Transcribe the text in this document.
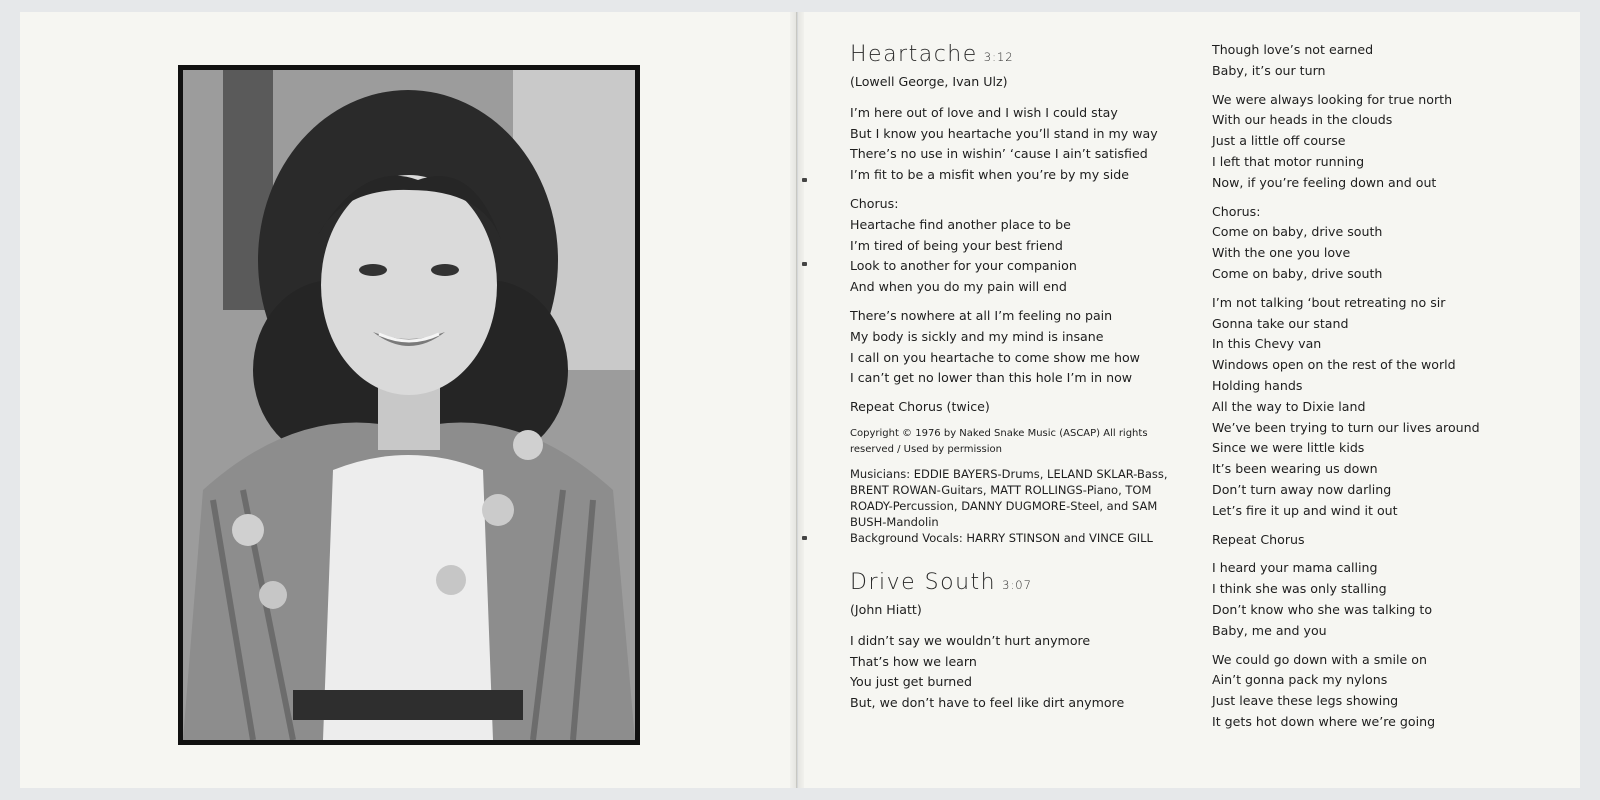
Heartache 3:12
(Lowell George, Ivan Ulz)
I’m here out of love and I wish I could stay
But I know you heartache you’ll stand in my way
There’s no use in wishin’ ‘cause I ain’t satisfied
I’m fit to be a misfit when you’re by my side
Chorus:
Heartache find another place to be
I’m tired of being your best friend
Look to another for your companion
And when you do my pain will end
There’s nowhere at all I’m feeling no pain
My body is sickly and my mind is insane
I call on you heartache to come show me how
I can’t get no lower than this hole I’m in now
Repeat Chorus (twice)
Copyright © 1976 by Naked Snake Music (ASCAP) All rights reserved / Used by permission
Musicians: EDDIE BAYERS-Drums, LELAND SKLAR-Bass, BRENT ROWAN-Guitars, MATT ROLLINGS-Piano, TOM ROADY-Percussion, DANNY DUGMORE-Steel, and SAM BUSH-Mandolin
Background Vocals: HARRY STINSON and VINCE GILL
Drive South 3:07
(John Hiatt)
I didn’t say we wouldn’t hurt anymore
That’s how we learn
You just get burned
But, we don’t have to feel like dirt anymore
Though love’s not earned
Baby, it’s our turn
We were always looking for true north
With our heads in the clouds
Just a little off course
I left that motor running
Now, if you’re feeling down and out
Chorus:
Come on baby, drive south
With the one you love
Come on baby, drive south
I’m not talking ‘bout retreating no sir
Gonna take our stand
In this Chevy van
Windows open on the rest of the world
Holding hands
All the way to Dixie land
We’ve been trying to turn our lives around
Since we were little kids
It’s been wearing us down
Don’t turn away now darling
Let’s fire it up and wind it out
Repeat Chorus
I heard your mama calling
I think she was only stalling
Don’t know who she was talking to
Baby, me and you
We could go down with a smile on
Ain’t gonna pack my nylons
Just leave these legs showing
It gets hot down where we’re going
